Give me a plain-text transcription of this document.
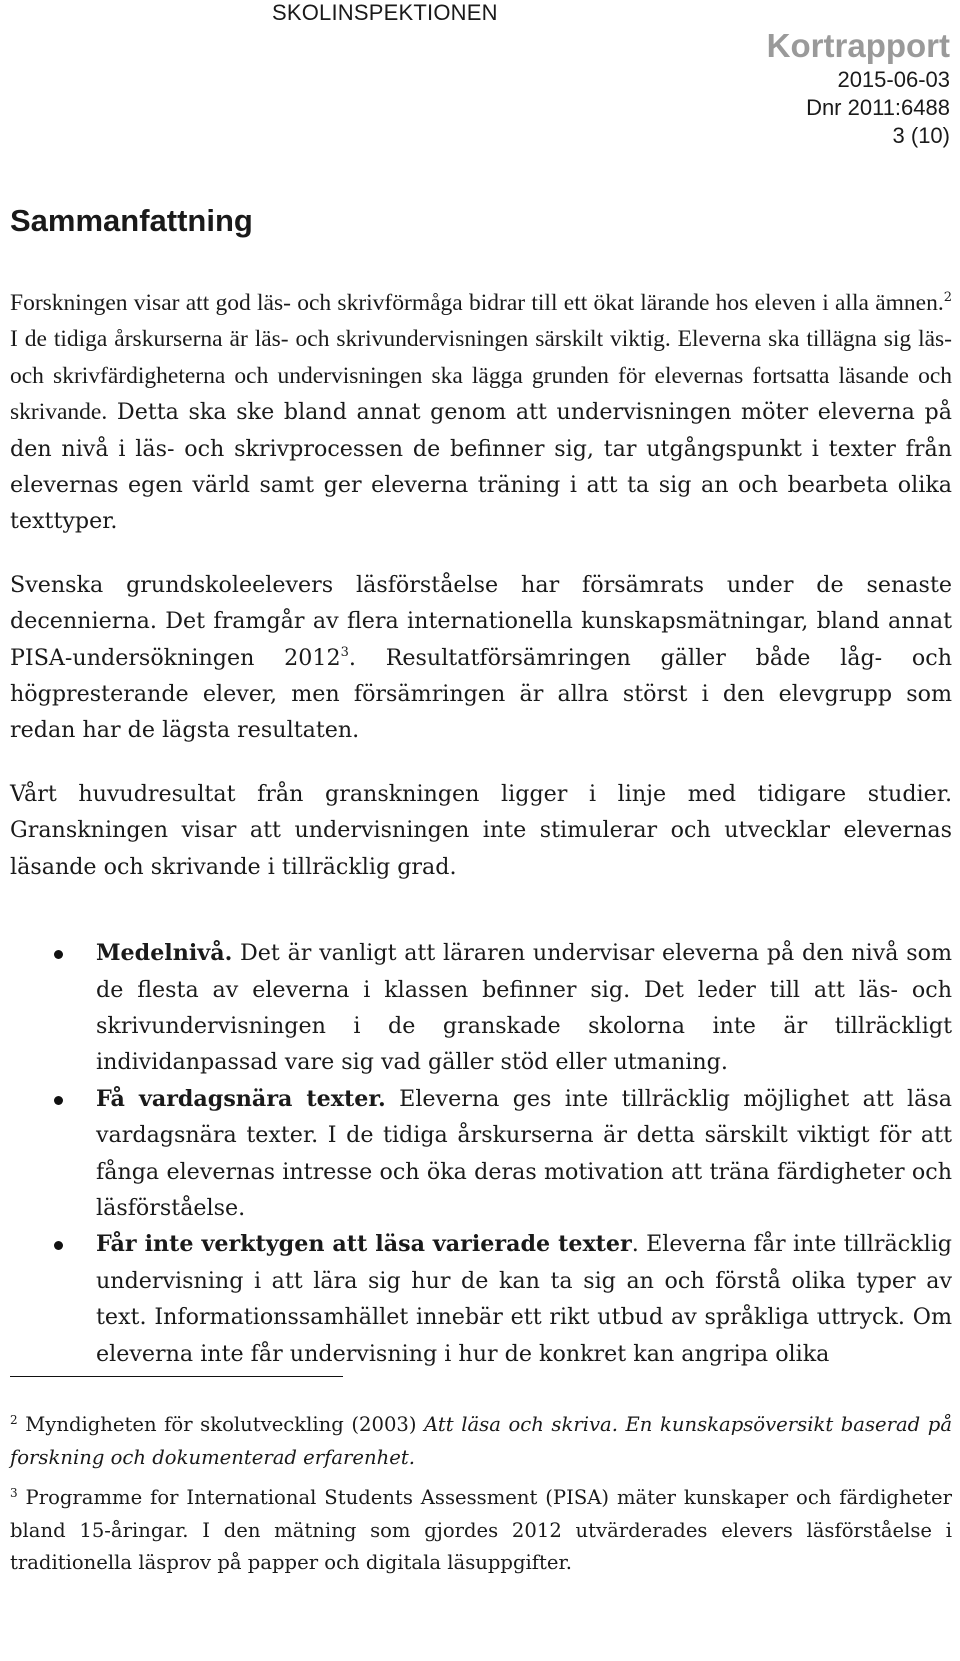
SKOLINSPEKTIONEN
Kortrapport
2015-06-03
Dnr 2011:6488
3 (10)
Sammanfattning

Forskningen visar att god läs- och skrivförmåga bidrar till ett ökat lärande hos eleven i alla ämnen.$^2$ I de tidiga årskurserna är läs- och skrivundervisningen särskilt viktig. Eleverna ska tillägna sig läs- och skrivfärdigheterna och undervisningen ska lägga grunden för elevernas fortsatta läsande och skrivande. Detta ska ske bland annat genom att undervisningen möter eleverna på den nivå i läs- och skrivprocessen de befinner sig, tar utgångspunkt i texter från elevernas egen värld samt ger eleverna träning i att ta sig an och bearbeta olika texttyper.

Svenska grundskoleelevers läsförståelse har försämrats under de senaste decennierna. Det framgår av flera internationella kunskapsmätningar, bland annat PISA-undersökningen 2012$^3$. Resultatförsämringen gäller både låg- och högpresterande elever, men försämringen är allra störst i den elevgrupp som redan har de lägsta resultaten.

Vårt huvudresultat från granskningen ligger i linje med tidigare studier. Granskningen visar att undervisningen inte stimulerar och utvecklar elevernas läsande och skrivande i tillräcklig grad.

Medelnivå. Det är vanligt att läraren undervisar eleverna på den nivå som de flesta av eleverna i klassen befinner sig. Det leder till att läs- och skrivundervisningen i de granskade skolorna inte är tillräckligt individanpassad vare sig vad gäller stöd eller utmaning.
Få vardagsnära texter. Eleverna ges inte tillräcklig möjlighet att läsa vardagsnära texter. I de tidiga årskurserna är detta särskilt viktigt för att fånga elevernas intresse och öka deras motivation att träna färdigheter och läsförståelse.
Får inte verktygen att läsa varierade texter. Eleverna får inte tillräcklig undervisning i att lära sig hur de kan ta sig an och förstå olika typer av text. Informationssamhället innebär ett rikt utbud av språkliga uttryck. Om eleverna inte får undervisning i hur de konkret kan angripa olika

$^2$ Myndigheten för skolutveckling (2003) Att läsa och skriva. En kunskapsöversikt baserad på forskning och dokumenterad erfarenhet.

$^3$ Programme for International Students Assessment (PISA) mäter kunskaper och färdigheter bland 15-åringar. I den mätning som gjordes 2012 utvärderades elevers läsförståelse i traditionella läsprov på papper och digitala läsuppgifter.
